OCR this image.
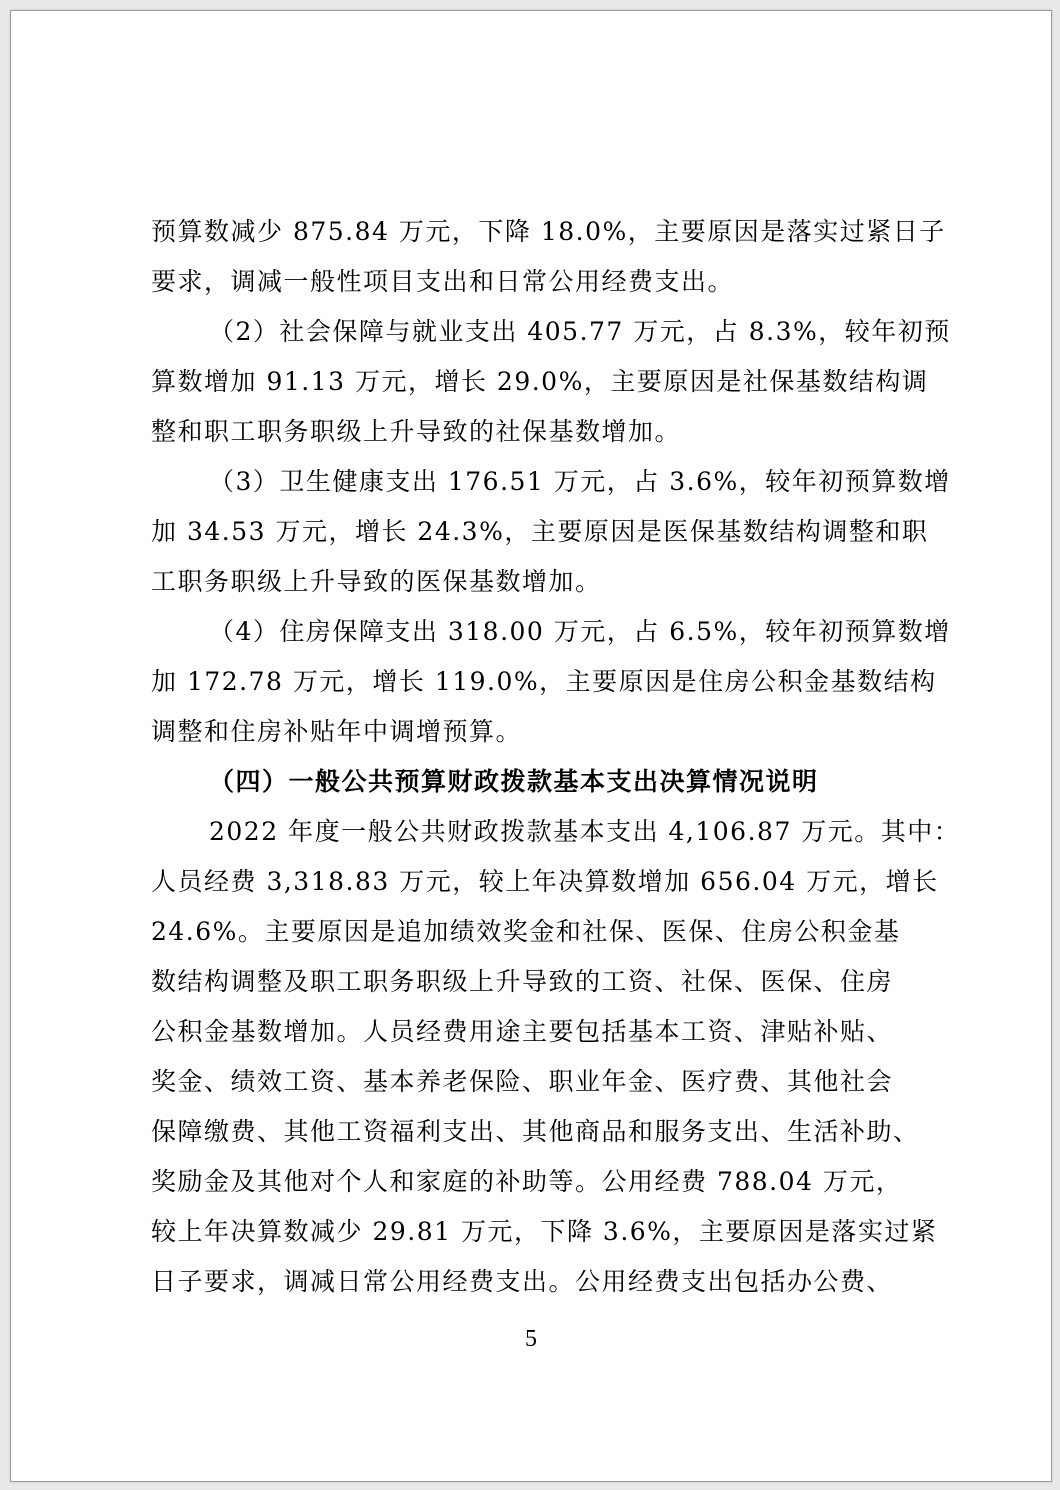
预算数减少 875.84 万元，下降 18.0%，主要原因是落实过紧日子
要求，调减一般性项目支出和日常公用经费支出。
（2）社会保障与就业支出 405.77 万元，占 8.3%，较年初预
算数增加 91.13 万元，增长 29.0%，主要原因是社保基数结构调
整和职工职务职级上升导致的社保基数增加。
（3）卫生健康支出 176.51 万元，占 3.6%，较年初预算数增
加 34.53 万元，增长 24.3%，主要原因是医保基数结构调整和职
工职务职级上升导致的医保基数增加。
（4）住房保障支出 318.00 万元，占 6.5%，较年初预算数增
加 172.78 万元，增长 119.0%，主要原因是住房公积金基数结构
调整和住房补贴年中调增预算。
（四）一般公共预算财政拨款基本支出决算情况说明
2022 年度一般公共财政拨款基本支出 4,106.87 万元。其中：
人员经费 3,318.83 万元，较上年决算数增加 656.04 万元，增长
24.6%。主要原因是追加绩效奖金和社保、医保、住房公积金基
数结构调整及职工职务职级上升导致的工资、社保、医保、住房
公积金基数增加。人员经费用途主要包括基本工资、津贴补贴、
奖金、绩效工资、基本养老保险、职业年金、医疗费、其他社会
保障缴费、其他工资福利支出、其他商品和服务支出、生活补助、
奖励金及其他对个人和家庭的补助等。公用经费 788.04 万元，
较上年决算数减少 29.81 万元，下降 3.6%，主要原因是落实过紧
日子要求，调减日常公用经费支出。公用经费支出包括办公费、
5
